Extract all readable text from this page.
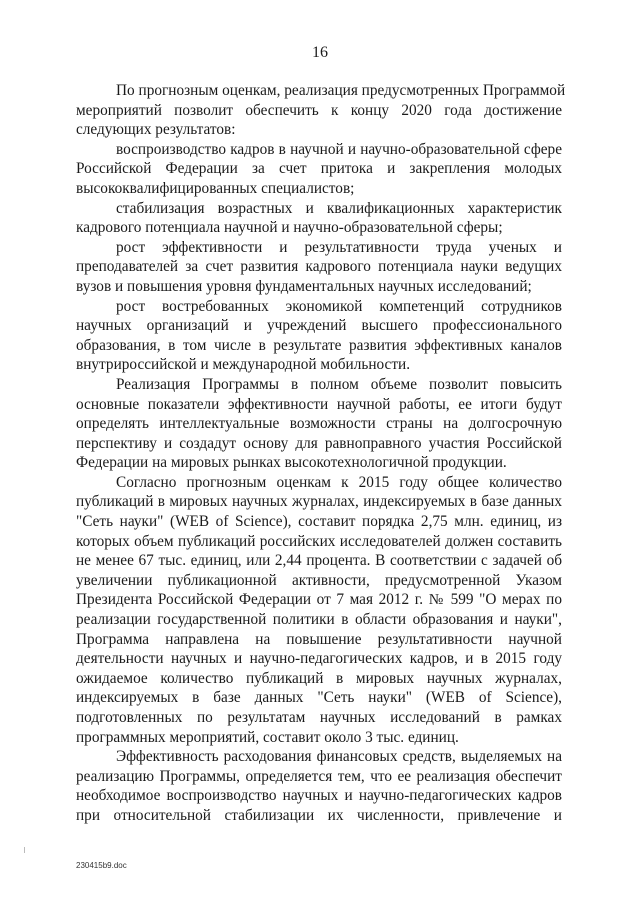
16
По прогнозным оценкам, реализация предусмотренных Программой
мероприятий позволит обеспечить к концу 2020 года достижение
следующих результатов:
воспроизводство кадров в научной и научно-образовательной сфере
Российской Федерации за счет притока и закрепления молодых
высококвалифицированных специалистов;
стабилизация возрастных и квалификационных характеристик
кадрового потенциала научной и научно-образовательной сферы;
рост эффективности и результативности труда ученых и
преподавателей за счет развития кадрового потенциала науки ведущих
вузов и повышения уровня фундаментальных научных исследований;
рост востребованных экономикой компетенций сотрудников
научных организаций и учреждений высшего профессионального
образования, в том числе в результате развития эффективных каналов
внутрироссийской и международной мобильности.
Реализация Программы в полном объеме позволит повысить
основные показатели эффективности научной работы, ее итоги будут
определять интеллектуальные возможности страны на долгосрочную
перспективу и создадут основу для равноправного участия Российской
Федерации на мировых рынках высокотехнологичной продукции.
Согласно прогнозным оценкам к 2015 году общее количество
публикаций в мировых научных журналах, индексируемых в базе данных
"Сеть науки" (WEB of Science), составит порядка 2,75 млн. единиц, из
которых объем публикаций российских исследователей должен составить
не менее 67 тыс. единиц, или 2,44 процента. В соответствии с задачей об
увеличении публикационной активности, предусмотренной Указом
Президента Российской Федерации от 7 мая 2012 г. № 599 "О мерах по
реализации государственной политики в области образования и науки",
Программа направлена на повышение результативности научной
деятельности научных и научно-педагогических кадров, и в 2015 году
ожидаемое количество публикаций в мировых научных журналах,
индексируемых в базе данных "Сеть науки" (WEB of Science),
подготовленных по результатам научных исследований в рамках
программных мероприятий, составит около 3 тыс. единиц.
Эффективность расходования финансовых средств, выделяемых на
реализацию Программы, определяется тем, что ее реализация обеспечит
необходимое воспроизводство научных и научно-педагогических кадров
при относительной стабилизации их численности, привлечение и
230415b9.doc
